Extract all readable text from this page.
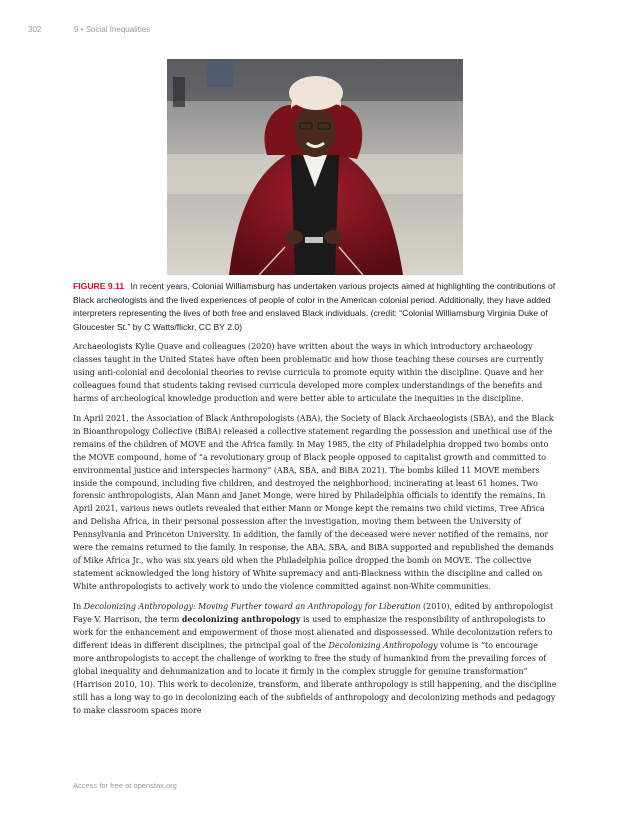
302	9 • Social Inequalities
FIGURE 9.11 In recent years, Colonial Williamsburg has undertaken various projects aimed at highlighting the contributions of Black archeologists and the lived experiences of people of color in the American colonial period. Additionally, they have added interpreters representing the lives of both free and enslaved Black individuals. (credit: “Colonial Williamsburg Virginia Duke of Gloucester St.” by C Watts/flickr, CC BY 2.0)

Archaeologists Kylie Quave and colleagues (2020) have written about the ways in which introductory archaeology classes taught in the United States have often been problematic and how those teaching these courses are currently using anti-colonial and decolonial theories to revise curricula to promote equity within the discipline. Quave and her colleagues found that students taking revised curricula developed more complex understandings of the benefits and harms of archeological knowledge production and were better able to articulate the inequities in the discipline.

In April 2021, the Association of Black Anthropologists (ABA), the Society of Black Archaeologists (SBA), and the Black in Bioanthropology Collective (BiBA) released a collective statement regarding the possession and unethical use of the remains of the children of MOVE and the Africa family. In May 1985, the city of Philadelphia dropped two bombs onto the MOVE compound, home of “a revolutionary group of Black people opposed to capitalist growth and committed to environmental justice and interspecies harmony” (ABA, SBA, and BiBA 2021). The bombs killed 11 MOVE members inside the compound, including five children, and destroyed the neighborhood, incinerating at least 61 homes. Two forensic anthropologists, Alan Mann and Janet Monge, were hired by Philadelphia officials to identify the remains. In April 2021, various news outlets revealed that either Mann or Monge kept the remains two child victims, Tree Africa and Delisha Africa, in their personal possession after the investigation, moving them between the University of Pennsylvania and Princeton University. In addition, the family of the deceased were never notified of the remains, nor were the remains returned to the family. In response, the ABA, SBA, and BiBA supported and republished the demands of Mike Africa Jr., who was six years old when the Philadelphia police dropped the bomb on MOVE. The collective statement acknowledged the long history of White supremacy and anti-Blackness within the discipline and called on White anthropologists to actively work to undo the violence committed against non-White communities.

In Decolonizing Anthropology: Moving Further toward an Anthropology for Liberation (2010), edited by anthropologist Faye V. Harrison, the term decolonizing anthropology is used to emphasize the responsibility of anthropologists to work for the enhancement and empowerment of those most alienated and dispossessed. While decolonization refers to different ideas in different disciplines, the principal goal of the Decolonizing Anthropology volume is “to encourage more anthropologists to accept the challenge of working to free the study of humankind from the prevailing forces of global inequality and dehumanization and to locate it firmly in the complex struggle for genuine transformation” (Harrison 2010, 10). This work to decolonize, transform, and liberate anthropology is still happening, and the discipline still has a long way to go in decolonizing each of the subfields of anthropology and decolonizing methods and pedagogy to make classroom spaces more

Access for free at openstax.org
